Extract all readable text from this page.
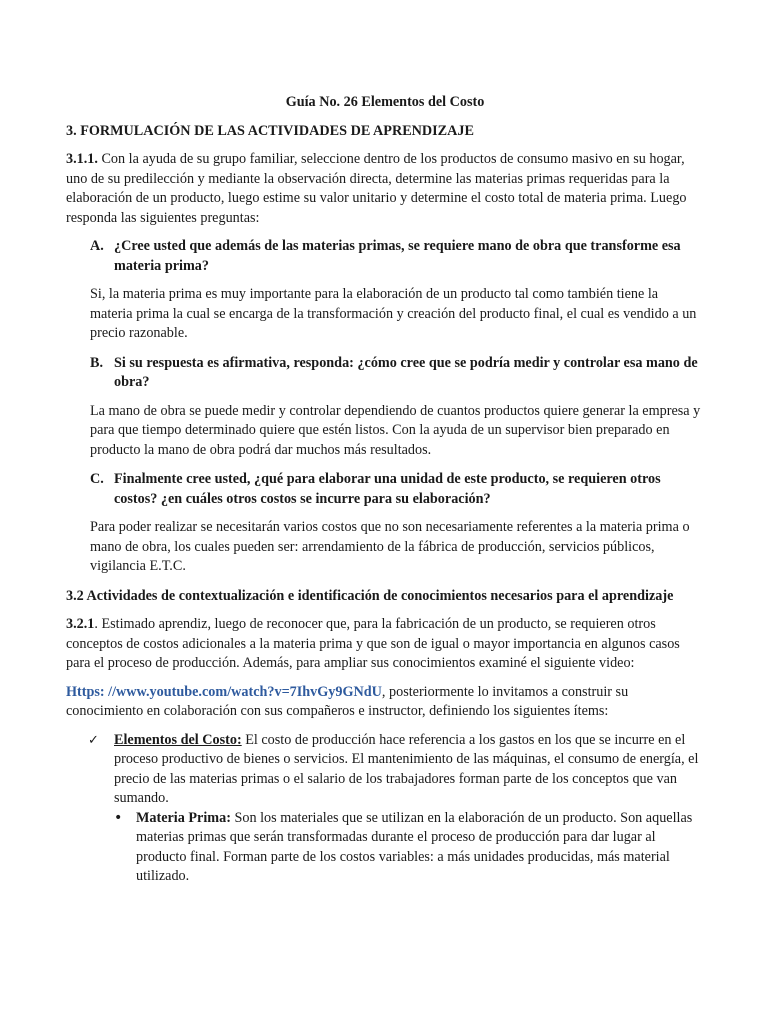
Guía No. 26 Elementos del Costo
3. FORMULACIÓN DE LAS ACTIVIDADES DE APRENDIZAJE

3.1.1. Con la ayuda de su grupo familiar, seleccione dentro de los productos de consumo masivo en su hogar, uno de su predilección y mediante la observación directa, determine las materias primas requeridas para la elaboración de un producto, luego estime su valor unitario y determine el costo total de materia prima. Luego responda las siguientes preguntas:

A. ¿Cree usted que además de las materias primas, se requiere mano de obra que transforme esa materia prima?

Si, la materia prima es muy importante para la elaboración de un producto tal como también tiene la materia prima la cual se encarga de la transformación y creación del producto final, el cual es vendido a un precio razonable.

B. Si su respuesta es afirmativa, responda: ¿cómo cree que se podría medir y controlar esa mano de obra?

La mano de obra se puede medir y controlar dependiendo de cuantos productos quiere generar la empresa y para que tiempo determinado quiere que estén listos. Con la ayuda de un supervisor bien preparado en producto la mano de obra podrá dar muchos más resultados.

C. Finalmente cree usted, ¿qué para elaborar una unidad de este producto, se requieren otros costos? ¿en cuáles otros costos se incurre para su elaboración?

Para poder realizar se necesitarán varios costos que no son necesariamente referentes a la materia prima o mano de obra, los cuales pueden ser: arrendamiento de la fábrica de producción, servicios públicos, vigilancia E.T.C.

3.2 Actividades de contextualización e identificación de conocimientos necesarios para el aprendizaje

3.2.1. Estimado aprendiz, luego de reconocer que, para la fabricación de un producto, se requieren otros conceptos de costos adicionales a la materia prima y que son de igual o mayor importancia en algunos casos para el proceso de producción. Además, para ampliar sus conocimientos examiné el siguiente video:

Https: //www.youtube.com/watch?v=7IhvGy9GNdU, posteriormente lo invitamos a construir su conocimiento en colaboración con sus compañeros e instructor, definiendo los siguientes ítems:

✓	Elementos del Costo: El costo de producción hace referencia a los gastos en los que se incurre en el proceso productivo de bienes o servicios. El mantenimiento de las máquinas, el consumo de energía, el precio de las materias primas o el salario de los trabajadores forman parte de los conceptos que van sumando.
• Materia Prima: Son los materiales que se utilizan en la elaboración de un producto. Son aquellas materias primas que serán transformadas durante el proceso de producción para dar lugar al producto final. Forman parte de los costos variables: a más unidades producidas, más material utilizado.
